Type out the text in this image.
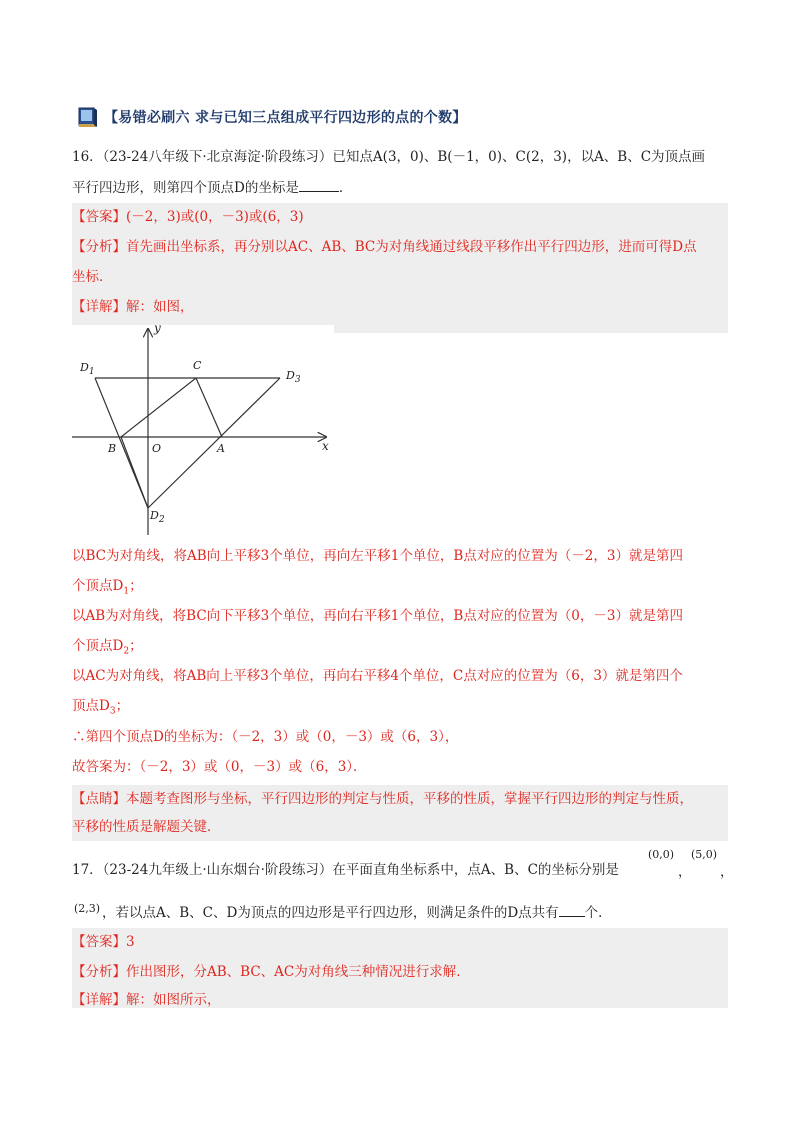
【易错必刷六 求与已知三点组成平行四边形的点的个数】
16．（23-24八年级下·北京海淀·阶段练习）已知点A(3，0)、B(－1，0)、C(2，3)，以A、B、C为顶点画
平行四边形，则第四个顶点D的坐标是	．
【答案】(－2，3)或(0，－3)或(6，3)
【分析】首先画出坐标系，再分别以AC、AB、BC为对角线通过线段平移作出平行四边形，进而可得D点
坐标．
【详解】解：如图，
y
x
O	A
B
C
$D_1$
$D_2$
$D_3$
以BC为对角线，将AB向上平移3个单位，再向左平移1个单位，B点对应的位置为（－2，3）就是第四
个顶点$D_1$；
以AB为对角线，将BC向下平移3个单位，再向右平移1个单位，B点对应的位置为（0，－3）就是第四
个顶点$D_2$；
以AC为对角线，将AB向上平移3个单位，再向右平移4个单位，C点对应的位置为（6，3）就是第四个
顶点$D_3$；
∴第四个顶点D的坐标为：（－2，3）或（0，－3）或（6，3），
故答案为：（－2，3）或（0，－3）或（6，3）．
【点睛】本题考查图形与坐标，平行四边形的判定与性质，平移的性质，掌握平行四边形的判定与性质，
平移的性质是解题关键．
17．（23-24九年级上·山东烟台·阶段练习）在平面直角坐标系中，点A、B、C的坐标分别是
(0,0)
，
(5,0)
，
(2,3) ，若以点A、B、C、D为顶点的四边形是平行四边形，则满足条件的D点共有 个．
【答案】3
【分析】作出图形，分AB、BC、AC为对角线三种情况进行求解．
【详解】解：如图所示，
